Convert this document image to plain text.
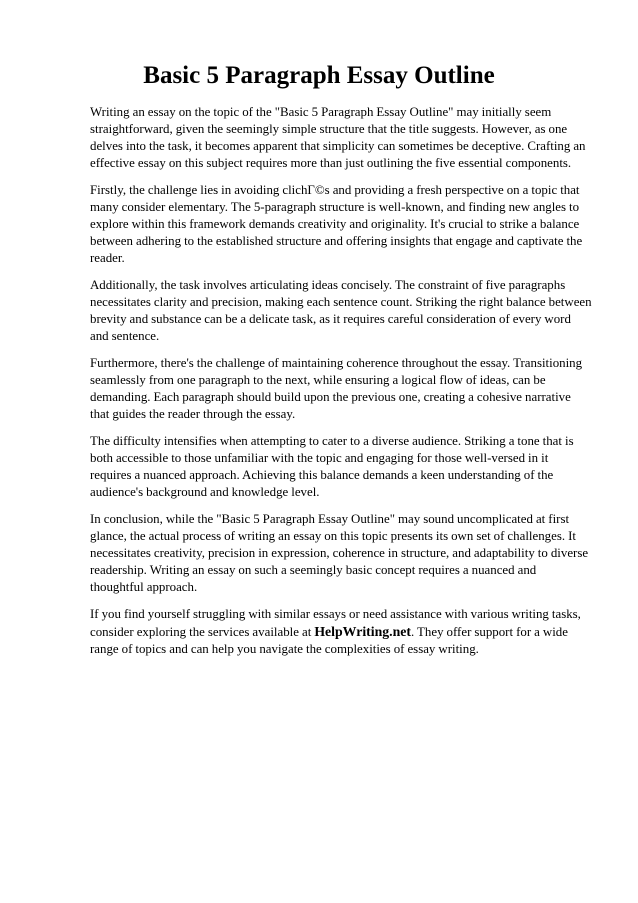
Basic 5 Paragraph Essay Outline

Writing an essay on the topic of the "Basic 5 Paragraph Essay Outline" may initially seem straightforward, given the seemingly simple structure that the title suggests. However, as one delves into the task, it becomes apparent that simplicity can sometimes be deceptive. Crafting an effective essay on this subject requires more than just outlining the five essential components.

Firstly, the challenge lies in avoiding clichΓ©s and providing a fresh perspective on a topic that many consider elementary. The 5-paragraph structure is well-known, and finding new angles to explore within this framework demands creativity and originality. It's crucial to strike a balance between adhering to the established structure and offering insights that engage and captivate the reader.

Additionally, the task involves articulating ideas concisely. The constraint of five paragraphs necessitates clarity and precision, making each sentence count. Striking the right balance between brevity and substance can be a delicate task, as it requires careful consideration of every word and sentence.

Furthermore, there's the challenge of maintaining coherence throughout the essay. Transitioning seamlessly from one paragraph to the next, while ensuring a logical flow of ideas, can be demanding. Each paragraph should build upon the previous one, creating a cohesive narrative that guides the reader through the essay.

The difficulty intensifies when attempting to cater to a diverse audience. Striking a tone that is both accessible to those unfamiliar with the topic and engaging for those well-versed in it requires a nuanced approach. Achieving this balance demands a keen understanding of the audience's background and knowledge level.

In conclusion, while the "Basic 5 Paragraph Essay Outline" may sound uncomplicated at first glance, the actual process of writing an essay on this topic presents its own set of challenges. It necessitates creativity, precision in expression, coherence in structure, and adaptability to diverse readership. Writing an essay on such a seemingly basic concept requires a nuanced and thoughtful approach.

If you find yourself struggling with similar essays or need assistance with various writing tasks, consider exploring the services available at HelpWriting.net. They offer support for a wide range of topics and can help you navigate the complexities of essay writing.
